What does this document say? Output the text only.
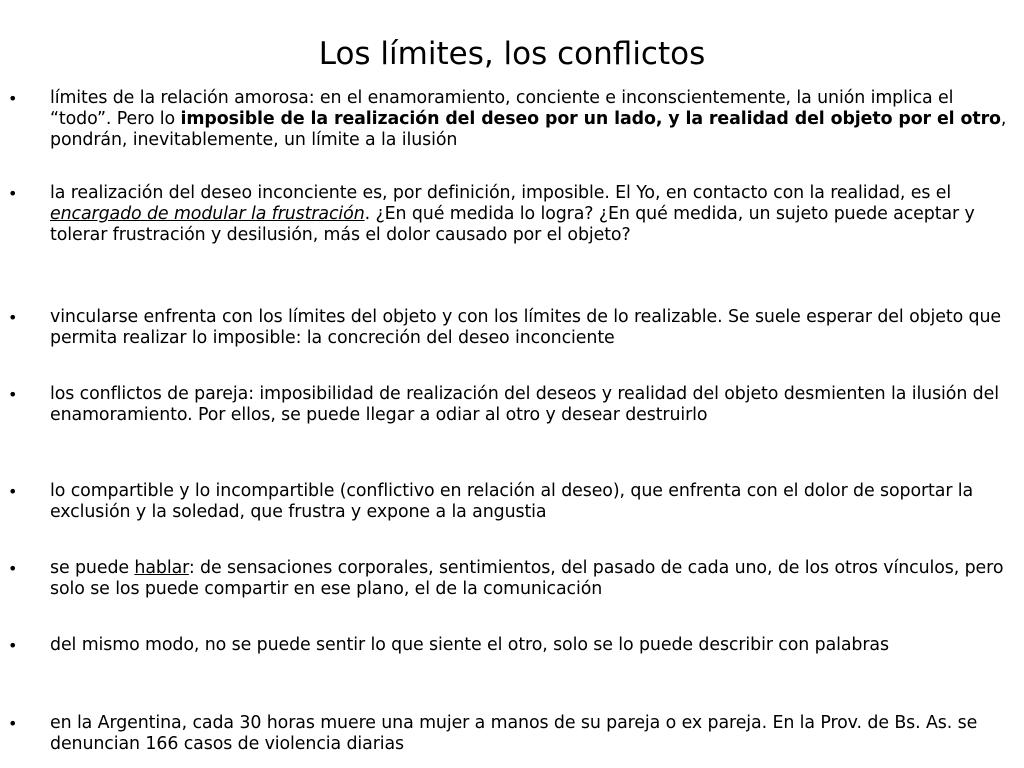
Los límites, los conflictos
• límites de la relación amorosa: en el enamoramiento, conciente e inconscientemente, la unión implica el “todo”. Pero lo imposible de la realización del deseo por un lado, y la realidad del objeto por el otro, pondrán, inevitablemente, un límite a la ilusión
• la realización del deseo inconciente es, por definición, imposible. El Yo, en contacto con la realidad, es el encargado de modular la frustración. ¿En qué medida lo logra? ¿En qué medida, un sujeto puede aceptar y tolerar frustración y desilusión, más el dolor causado por el objeto?
• vincularse enfrenta con los límites del objeto y con los límites de lo realizable. Se suele esperar del objeto que permita realizar lo imposible: la concreción del deseo inconciente
• los conflictos de pareja: imposibilidad de realización del deseos y realidad del objeto desmienten la ilusión del enamoramiento. Por ellos, se puede llegar a odiar al otro y desear destruirlo
• lo compartible y lo incompartible (conflictivo en relación al deseo), que enfrenta con el dolor de soportar la exclusión y la soledad, que frustra y expone a la angustia
• se puede hablar: de sensaciones corporales, sentimientos, del pasado de cada uno, de los otros vínculos, pero solo se los puede compartir en ese plano, el de la comunicación
• del mismo modo, no se puede sentir lo que siente el otro, solo se lo puede describir con palabras
• en la Argentina, cada 30 horas muere una mujer a manos de su pareja o ex pareja. En la Prov. de Bs. As. se denuncian 166 casos de violencia diarias
